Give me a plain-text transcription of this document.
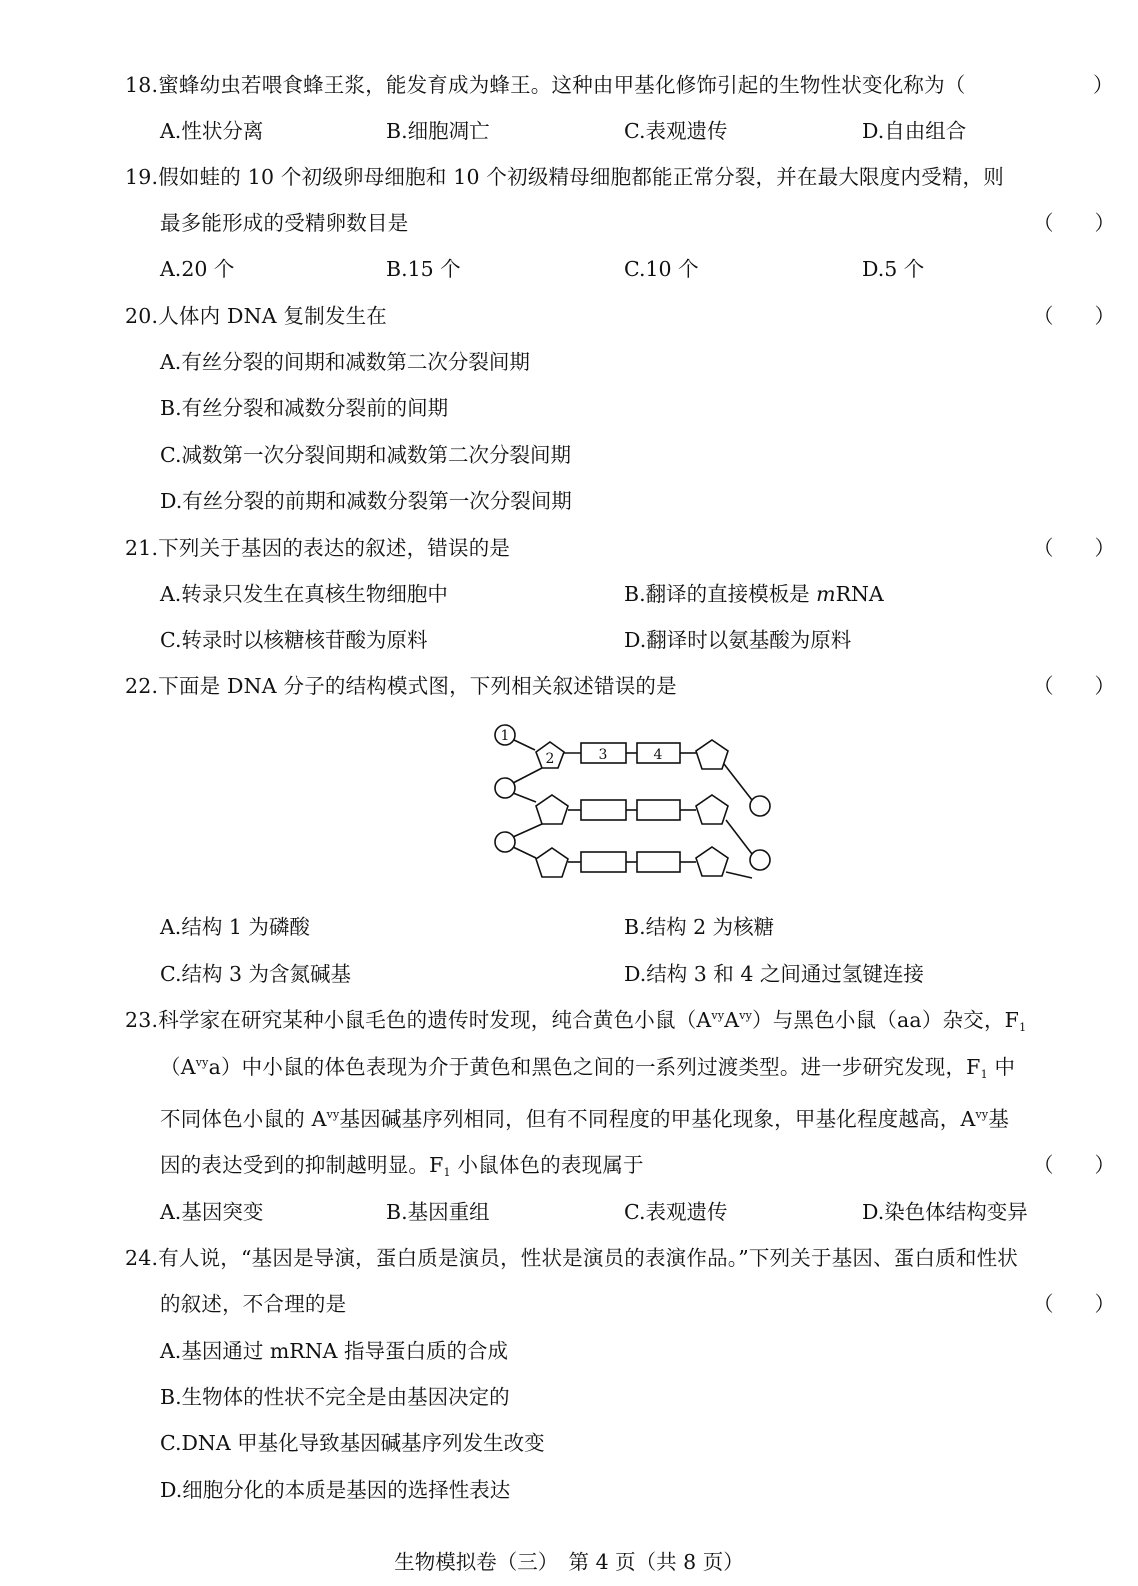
18.蜜蜂幼虫若喂食蜂王浆，能发育成为蜂王。这种由甲基化修饰引起的生物性状变化称为（	）
A.性状分离	B.细胞凋亡	C.表观遗传	D.自由组合
19.假如蛙的 10 个初级卵母细胞和 10 个初级精母细胞都能正常分裂，并在最大限度内受精，则
最多能形成的受精卵数目是	（　　）
A.20 个	B.15 个	C.10 个	D.5 个
20.人体内 DNA 复制发生在	（　　）
A.有丝分裂的间期和减数第二次分裂间期
B.有丝分裂和减数分裂前的间期
C.减数第一次分裂间期和减数第二次分裂间期
D.有丝分裂的前期和减数分裂第一次分裂间期
21.下列关于基因的表达的叙述，错误的是	（　　）
A.转录只发生在真核生物细胞中	B.翻译的直接模板是 mRNA
C.转录时以核糖核苷酸为原料	D.翻译时以氨基酸为原料
22.下面是 DNA 分子的结构模式图，下列相关叙述错误的是	（　　）
1
2	3	4
A.结构 1 为磷酸	B.结构 2 为核糖
C.结构 3 为含氮碱基	D.结构 3 和 4 之间通过氢键连接
23.科学家在研究某种小鼠毛色的遗传时发现，纯合黄色小鼠$(A^{vy}A^{vy})$与黑色小鼠（aa）杂交，$F_1$
$(A^{vy}a)$中小鼠的体色表现为介于黄色和黑色之间的一系列过渡类型。进一步研究发现，$F_1$ 中
不同体色小鼠的 $A^{vy}$基因碱基序列相同，但有不同程度的甲基化现象，甲基化程度越高，$A^{vy}$基
因的表达受到的抑制越明显。$F_1$ 小鼠体色的表现属于	（　　）
A.基因突变	B.基因重组	C.表观遗传	D.染色体结构变异
24.有人说，“基因是导演，蛋白质是演员，性状是演员的表演作品。”下列关于基因、蛋白质和性状
的叙述，不合理的是	（　　）
A.基因通过 mRNA 指导蛋白质的合成
B.生物体的性状不完全是由基因决定的
C.DNA 甲基化导致基因碱基序列发生改变
D.细胞分化的本质是基因的选择性表达
生物模拟卷（三）　第 4 页（共 8 页）
